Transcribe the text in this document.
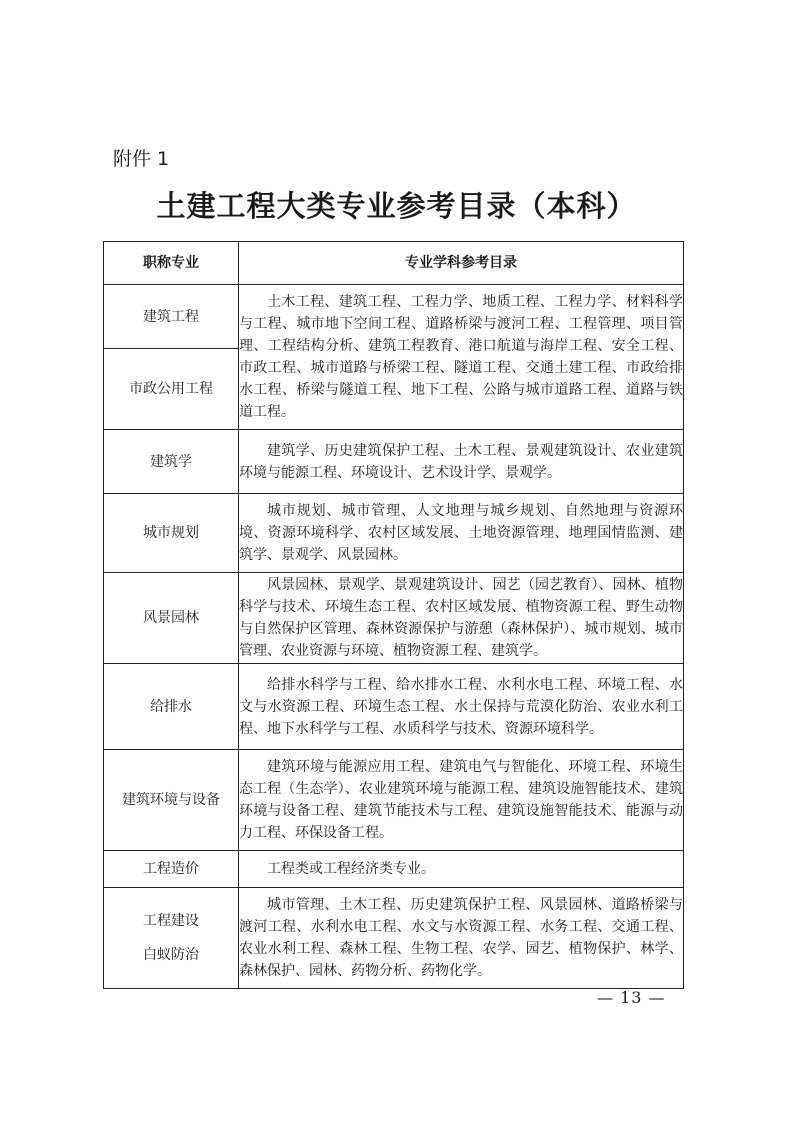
附件 1
土建工程大类专业参考目录（本科）
职称专业	专业学科参考目录
建筑工程	土木工程、建筑工程、工程力学、地质工程、工程力学、材料科学与工程、城市地下空间工程、道路桥梁与渡河工程、工程管理、项目管理、工程结构分析、建筑工程教育、港口航道与海岸工程、安全工程、市政工程、城市道路与桥梁工程、隧道工程、交通土建工程、市政给排水工程、桥梁与隧道工程、地下工程、公路与城市道路工程、道路与铁道工程。
市政公用工程	
建筑学	建筑学、历史建筑保护工程、土木工程、景观建筑设计、农业建筑环境与能源工程、环境设计、艺术设计学、景观学。
城市规划	城市规划、城市管理、人文地理与城乡规划、自然地理与资源环境、资源环境科学、农村区域发展、土地资源管理、地理国情监测、建筑学、景观学、风景园林。
风景园林	风景园林、景观学、景观建筑设计、园艺（园艺教育）、园林、植物科学与技术、环境生态工程、农村区域发展、植物资源工程、野生动物与自然保护区管理、森林资源保护与游憩（森林保护）、城市规划、城市管理、农业资源与环境、植物资源工程、建筑学。
给排水	给排水科学与工程、给水排水工程、水利水电工程、环境工程、水文与水资源工程、环境生态工程、水土保持与荒漠化防治、农业水利工程、地下水科学与工程、水质科学与技术、资源环境科学。
建筑环境与设备	建筑环境与能源应用工程、建筑电气与智能化、环境工程、环境生态工程（生态学）、农业建筑环境与能源工程、建筑设施智能技术、建筑环境与设备工程、建筑节能技术与工程、建筑设施智能技术、能源与动力工程、环保设备工程。
工程造价	工程类或工程经济类专业。

工程建设
白蚁防治	城市管理、土木工程、历史建筑保护工程、风景园林、道路桥梁与渡河工程、水利水电工程、水文与水资源工程、水务工程、交通工程、农业水利工程、森林工程、生物工程、农学、园艺、植物保护、林学、森林保护、园林、药物分析、药物化学。
— 13 —
